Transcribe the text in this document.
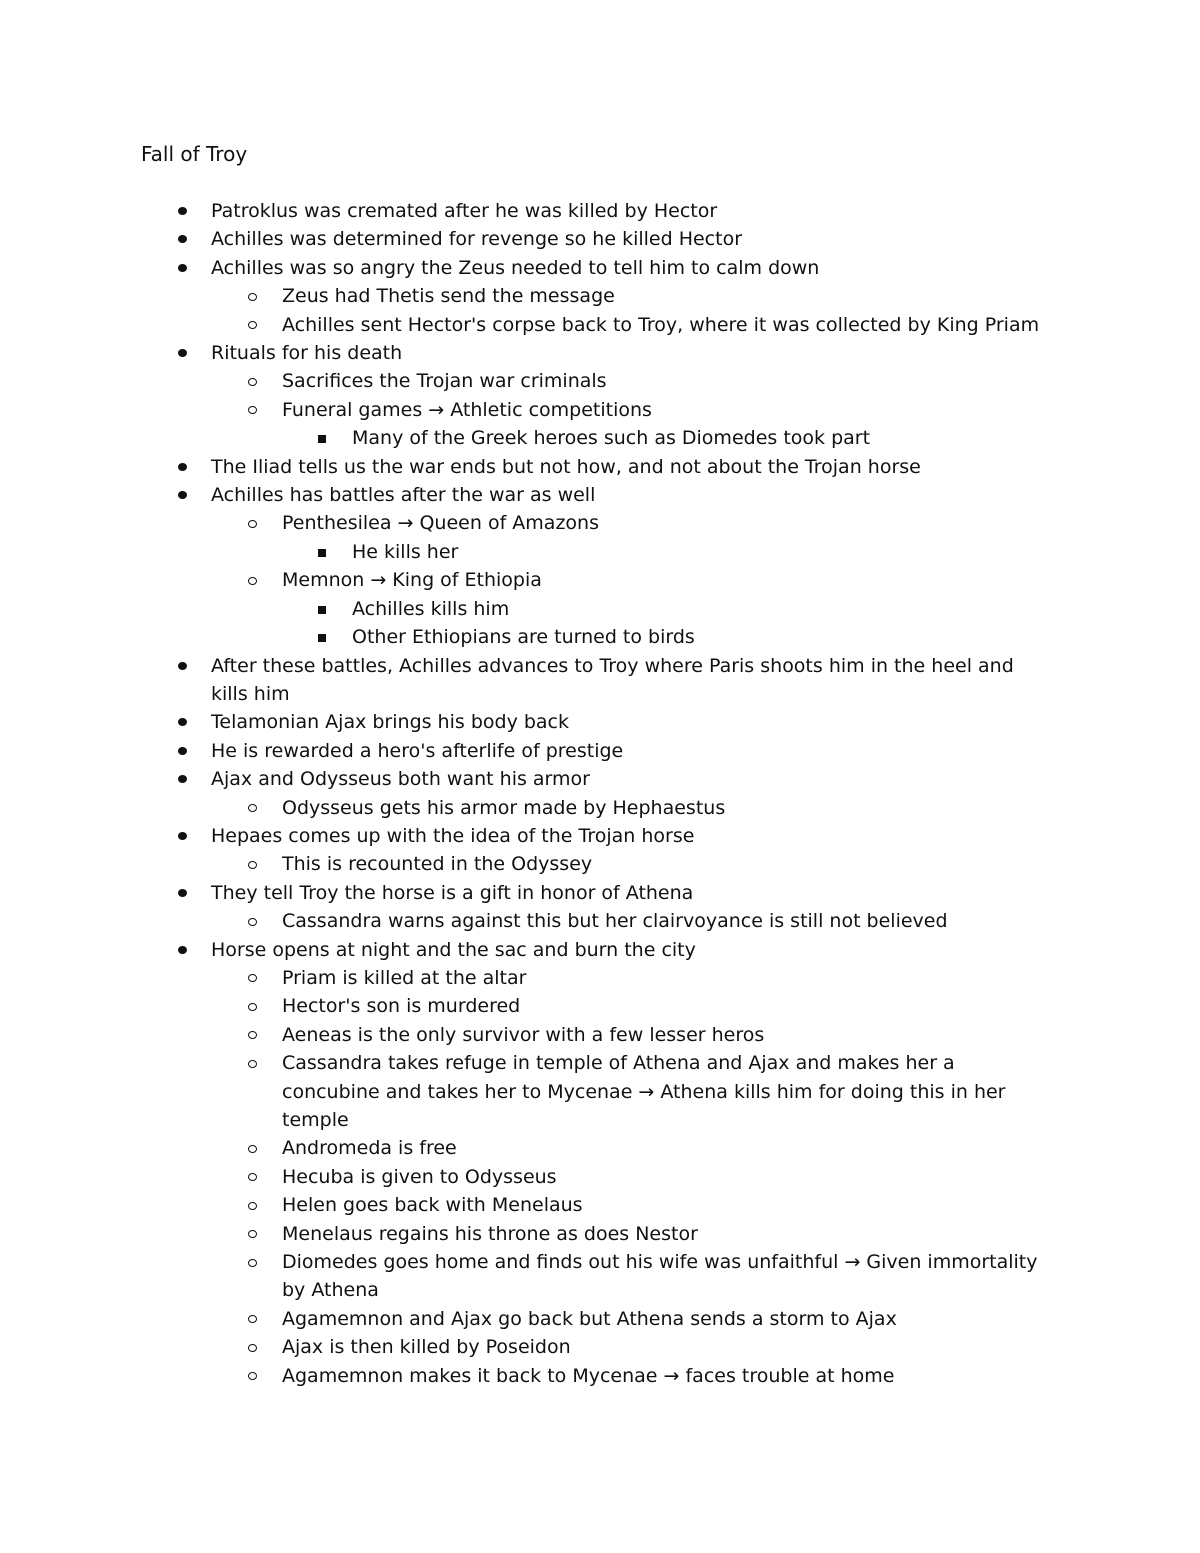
Fall of Troy
Patroklus was cremated after he was killed by Hector
Achilles was determined for revenge so he killed Hector
Achilles was so angry the Zeus needed to tell him to calm down
Zeus had Thetis send the message
Achilles sent Hector's corpse back to Troy, where it was collected by King Priam
Rituals for his death
Sacrifices the Trojan war criminals
Funeral games → Athletic competitions
Many of the Greek heroes such as Diomedes took part
The Iliad tells us the war ends but not how, and not about the Trojan horse
Achilles has battles after the war as well
Penthesilea → Queen of Amazons
He kills her
Memnon → King of Ethiopia
Achilles kills him
Other Ethiopians are turned to birds
After these battles, Achilles advances to Troy where Paris shoots him in the heel and kills him
Telamonian Ajax brings his body back
He is rewarded a hero's afterlife of prestige
Ajax and Odysseus both want his armor
Odysseus gets his armor made by Hephaestus
Hepaes comes up with the idea of the Trojan horse
This is recounted in the Odyssey
They tell Troy the horse is a gift in honor of Athena
Cassandra warns against this but her clairvoyance is still not believed
Horse opens at night and the sac and burn the city
Priam is killed at the altar
Hector's son is murdered
Aeneas is the only survivor with a few lesser heros
Cassandra takes refuge in temple of Athena and Ajax and makes her a concubine and takes her to Mycenae → Athena kills him for doing this in her temple
Andromeda is free
Hecuba is given to Odysseus
Helen goes back with Menelaus
Menelaus regains his throne as does Nestor
Diomedes goes home and finds out his wife was unfaithful → Given immortality by Athena
Agamemnon and Ajax go back but Athena sends a storm to Ajax
Ajax is then killed by Poseidon
Agamemnon makes it back to Mycenae → faces trouble at home
